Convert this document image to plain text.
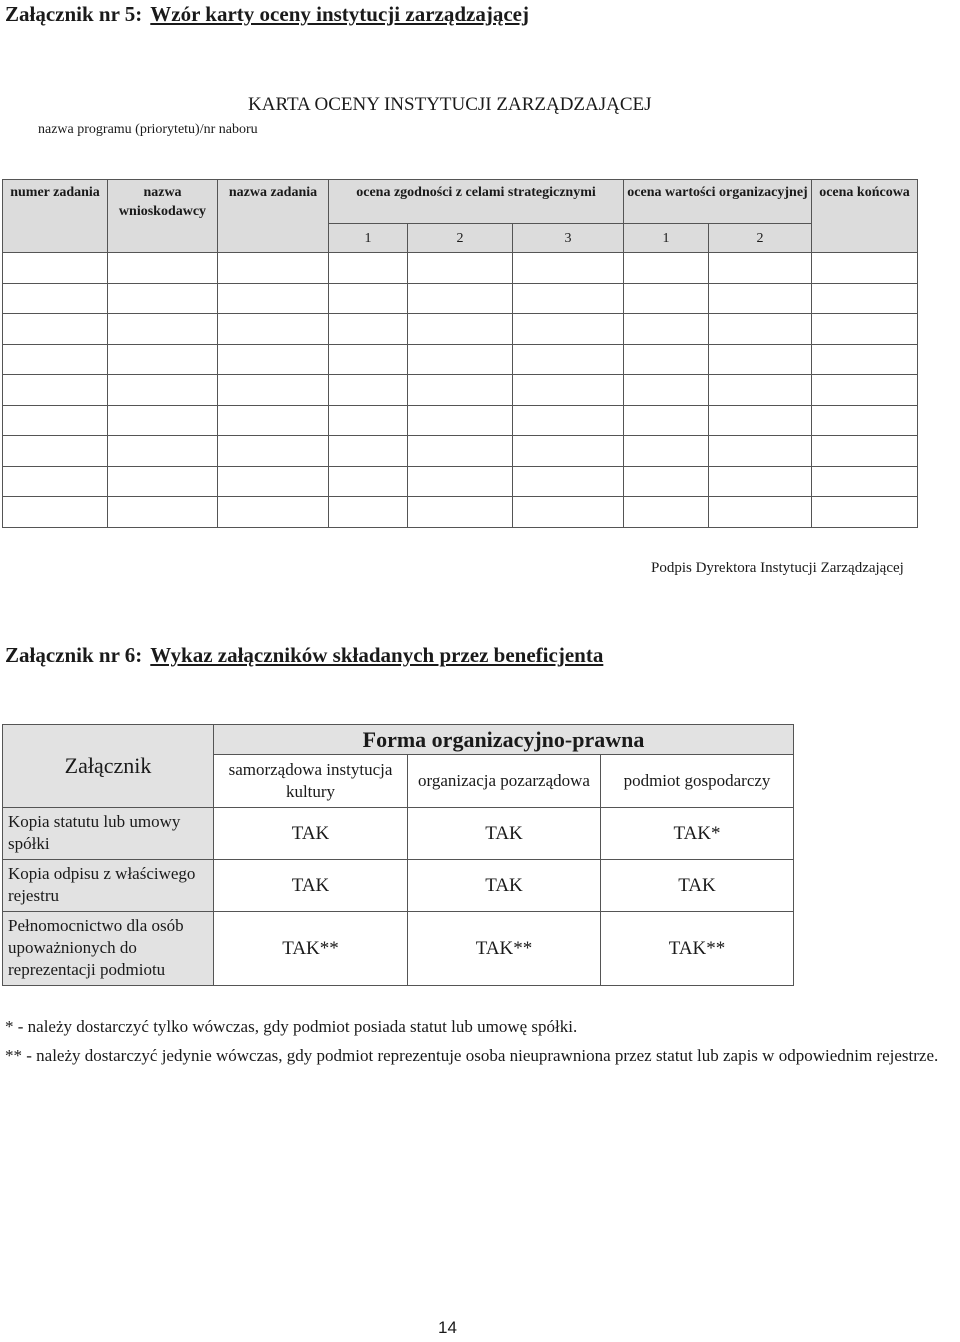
Załącznik nr 5: Wzór karty oceny instytucji zarządzającej
KARTA OCENY INSTYTUCJI ZARZĄDZAJĄCEJ
nazwa programu (priorytetu)/nr naboru
numer zadania	nazwa wnioskodawcy	nazwa zadania	ocena zgodności z celami strategicznymi			ocena wartości organizacyjnej		ocena końcowa
			1	2	3	1	2	

Podpis Dyrektora Instytucji Zarządzającej
Załącznik nr 6: Wykaz załączników składanych przez beneficjenta
Załącznik	Forma organizacyjno-prawna		
	samorządowa instytucja kultury	organizacja pozarządowa	podmiot gospodarczy
Kopia statutu lub umowy spółki	TAK	TAK	TAK*
Kopia odpisu z właściwego rejestru	TAK	TAK	TAK
Pełnomocnictwo dla osób upoważnionych do reprezentacji podmiotu	TAK**	TAK**	TAK**
* - należy dostarczyć tylko wówczas, gdy podmiot posiada statut lub umowę spółki.
** - należy dostarczyć jedynie wówczas, gdy podmiot reprezentuje osoba nieuprawniona przez statut lub zapis w odpowiednim rejestrze.
14
